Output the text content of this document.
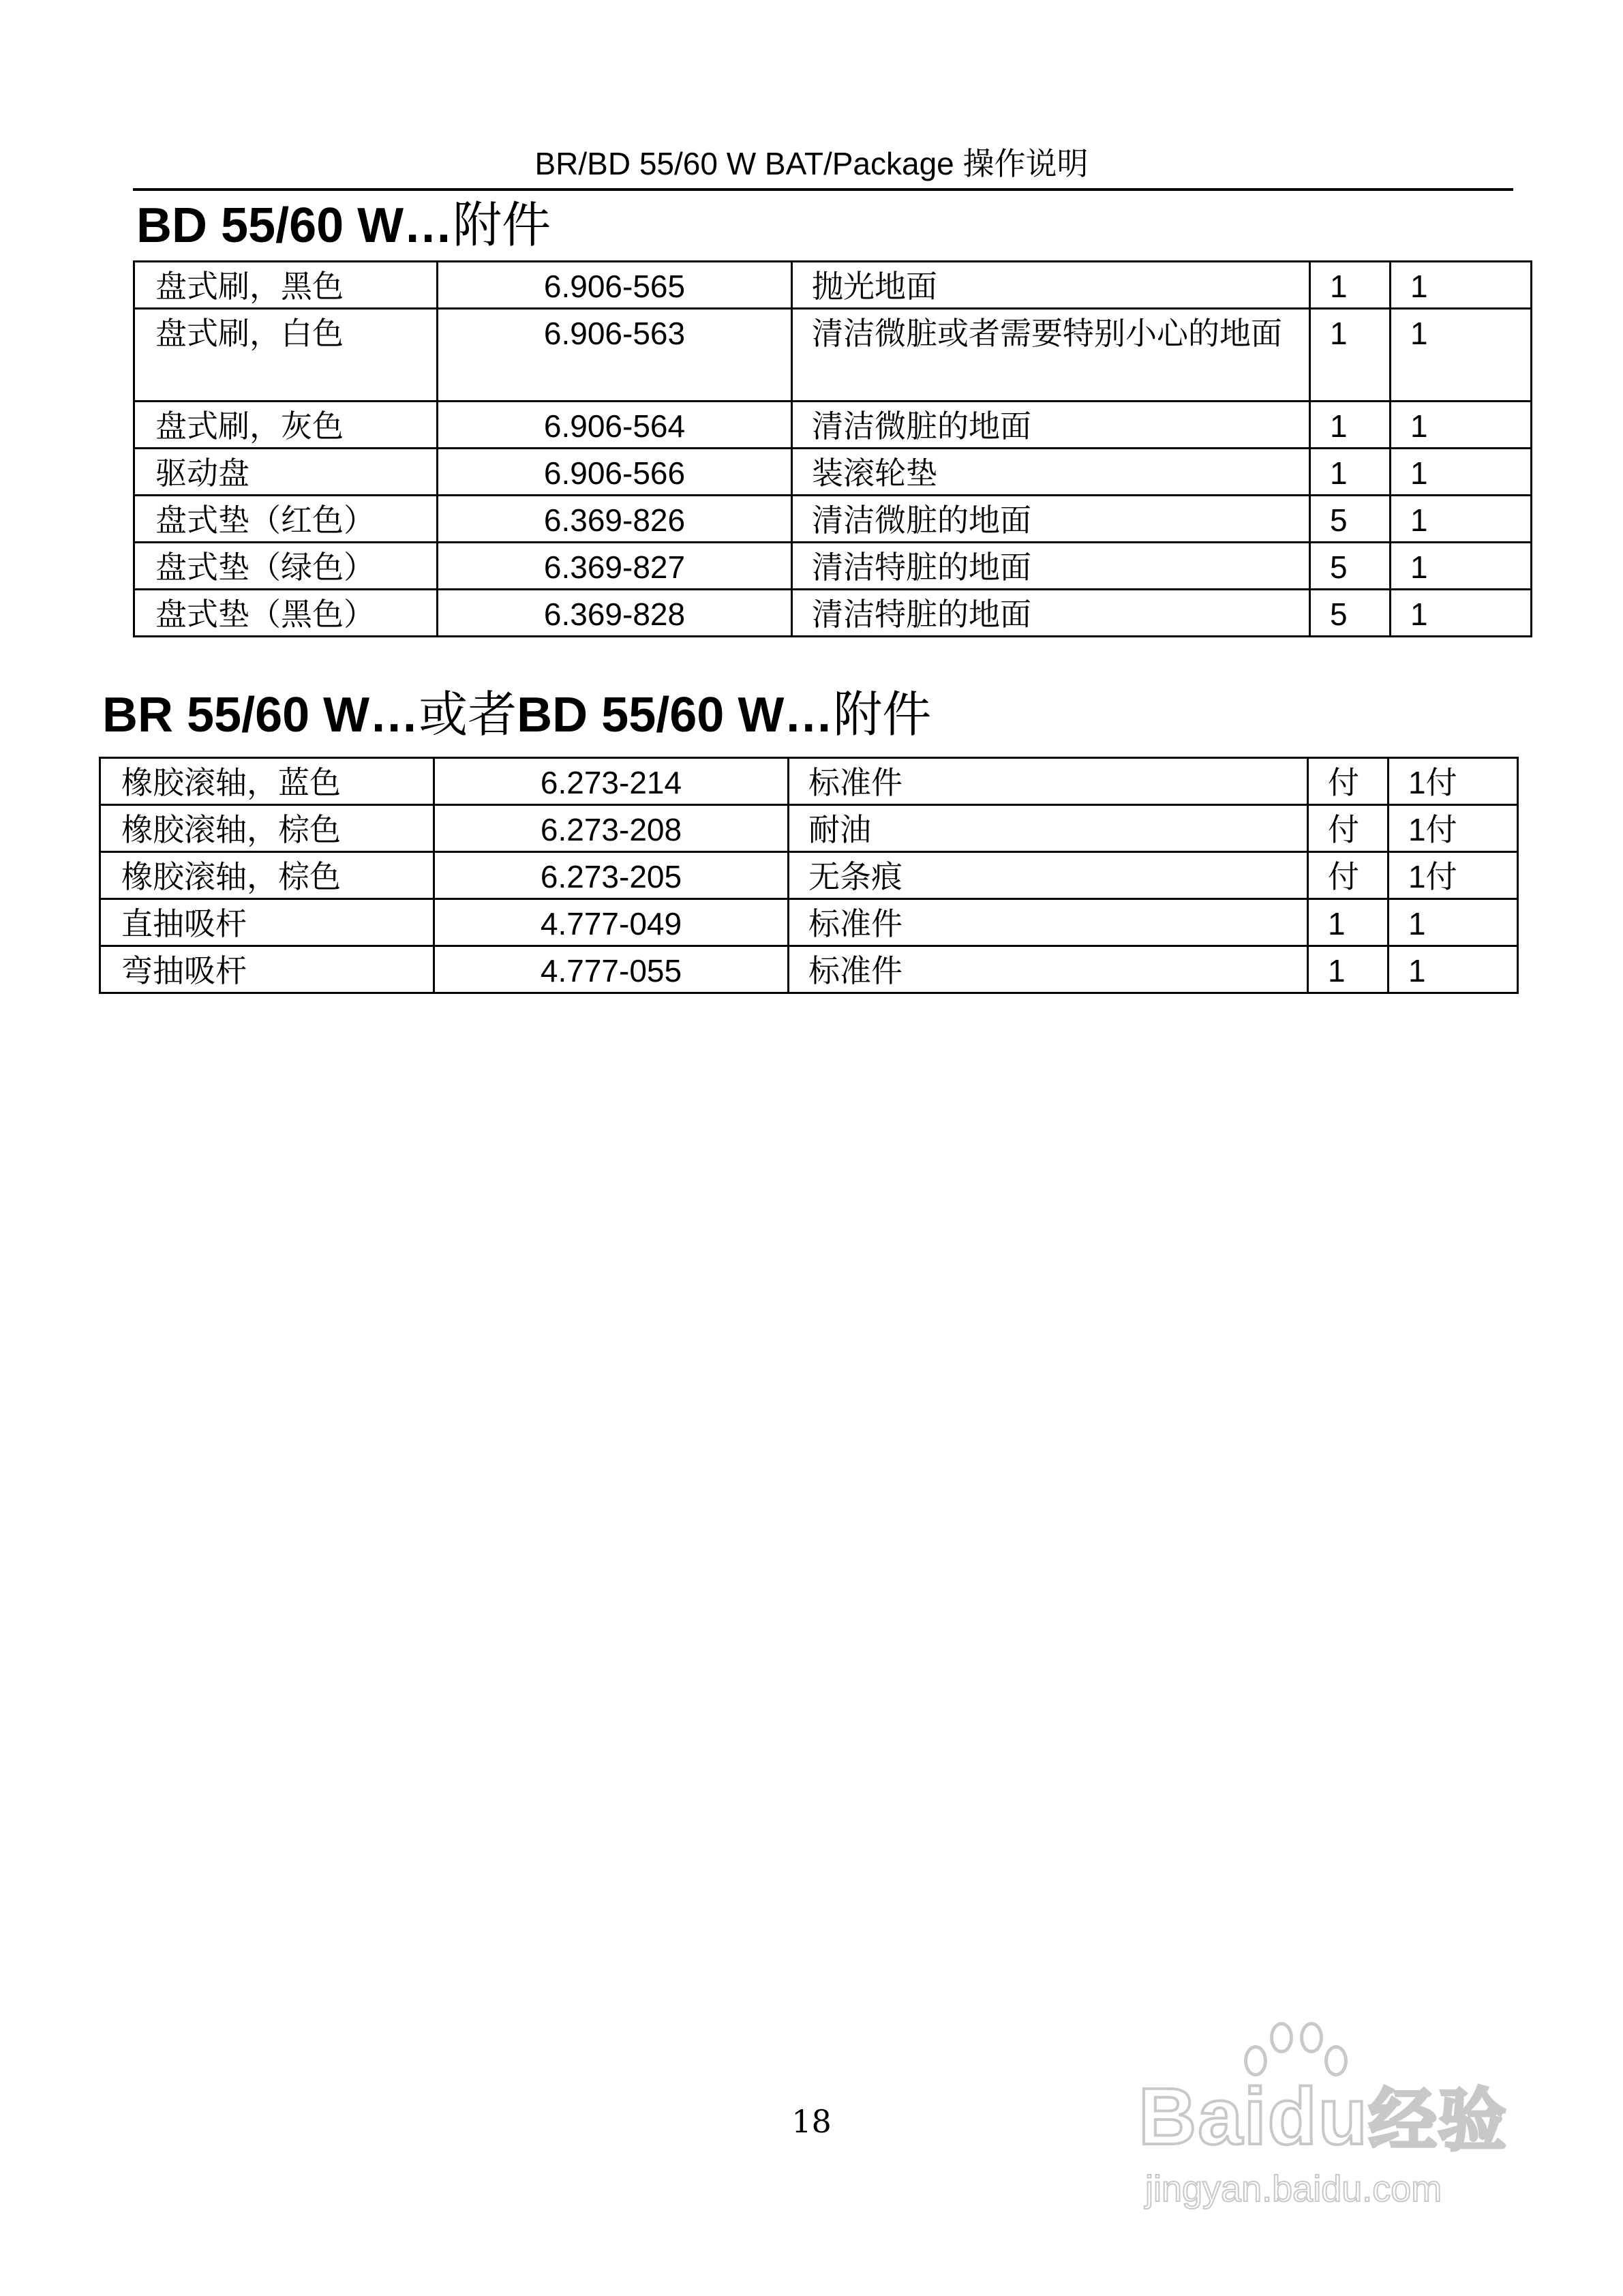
BR/BD 55/60 W BAT/Package 操作说明
BD 55/60 W…附件
盘式刷，黑色	6.906-565	抛光地面	1	1
盘式刷，白色	6.906-563	清洁微脏或者需要特别小心的地面	1	1
盘式刷，灰色	6.906-564	清洁微脏的地面	1	1
驱动盘	6.906-566	装滚轮垫	1	1
盘式垫（红色）	6.369-826	清洁微脏的地面	5	1
盘式垫（绿色）	6.369-827	清洁特脏的地面	5	1
盘式垫（黑色）	6.369-828	清洁特脏的地面	5	1
BR 55/60 W…或者BD 55/60 W…附件
橡胶滚轴，蓝色	6.273-214	标准件	付	1付
橡胶滚轴，棕色	6.273-208	耐油	付	1付
橡胶滚轴，棕色	6.273-205	无条痕	付	1付
直抽吸杆	4.777-049	标准件	1	1
弯抽吸杆	4.777-055	标准件	1	1
18	Baidu经验
jingyan.baidu.com
